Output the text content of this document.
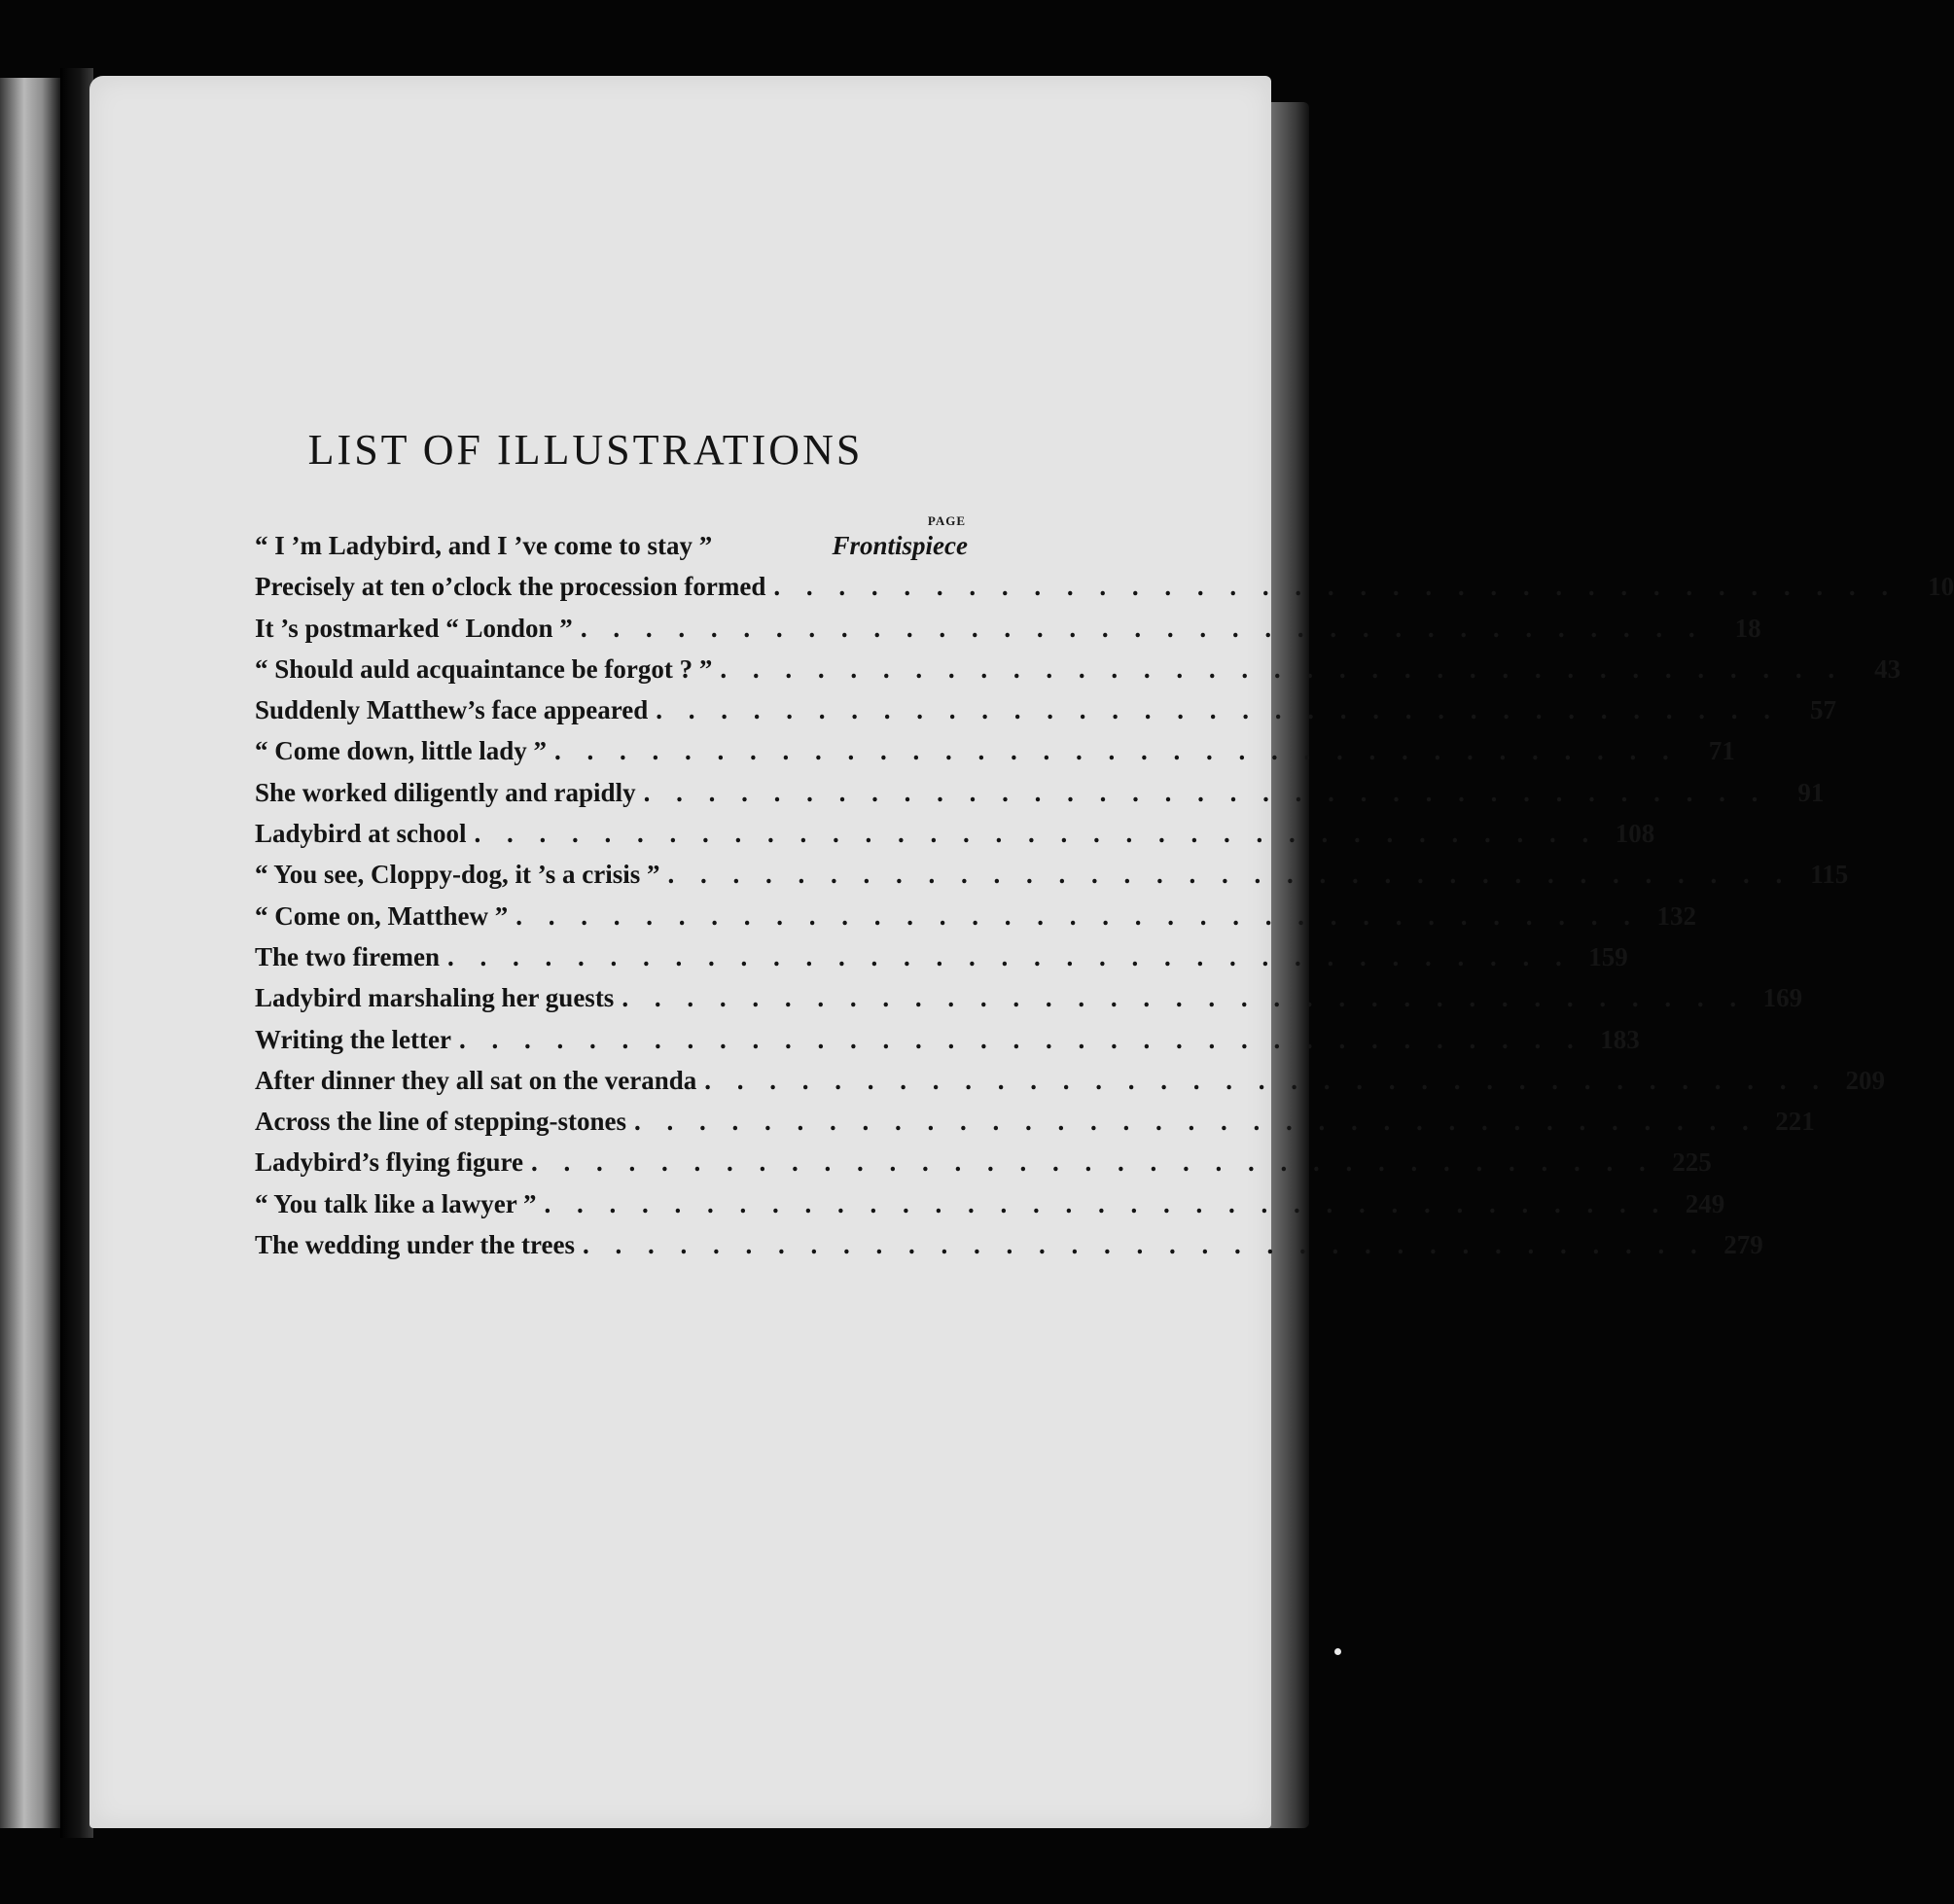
LIST OF ILLUSTRATIONS
PAGE
“ I ’m Ladybird, and I ’ve come to stay ”	Frontispiece
Precisely at ten o’clock the procession formed . . . . . . . . . . . . . . . . . . . . . . . . . . . . . . . . . . .	10
It ’s postmarked “ London ” . . . . . . . . . . . . . . . . . . . . . . . . . . . . . . . . . . .	18
“ Should auld acquaintance be forgot ? ” . . . . . . . . . . . . . . . . . . . . . . . . . . . . . . . . . . .	43
Suddenly Matthew’s face appeared . . . . . . . . . . . . . . . . . . . . . . . . . . . . . . . . . . .	57
“ Come down, little lady ” . . . . . . . . . . . . . . . . . . . . . . . . . . . . . . . . . . .	71
She worked diligently and rapidly . . . . . . . . . . . . . . . . . . . . . . . . . . . . . . . . . . .	91
Ladybird at school . . . . . . . . . . . . . . . . . . . . . . . . . . . . . . . . . . . 108
“ You see, Cloppy-dog, it ’s a crisis ” . . . . . . . . . . . . . . . . . . . . . . . . . . . . . . . . . . . 115
“ Come on, Matthew ” . . . . . . . . . . . . . . . . . . . . . . . . . . . . . . . . . . . 132
The two firemen . . . . . . . . . . . . . . . . . . . . . . . . . . . . . . . . . . . 159
Ladybird marshaling her guests . . . . . . . . . . . . . . . . . . . . . . . . . . . . . . . . . . . 169
Writing the letter . . . . . . . . . . . . . . . . . . . . . . . . . . . . . . . . . . . 183
After dinner they all sat on the veranda . . . . . . . . . . . . . . . . . . . . . . . . . . . . . . . . . . . 209
Across the line of stepping-stones . . . . . . . . . . . . . . . . . . . . . . . . . . . . . . . . . . . 221
Ladybird’s flying figure . . . . . . . . . . . . . . . . . . . . . . . . . . . . . . . . . . . 225
“ You talk like a lawyer ” . . . . . . . . . . . . . . . . . . . . . . . . . . . . . . . . . . . 249
The wedding under the trees . . . . . . . . . . . . . . . . . . . . . . . . . . . . . . . . . . . 279
